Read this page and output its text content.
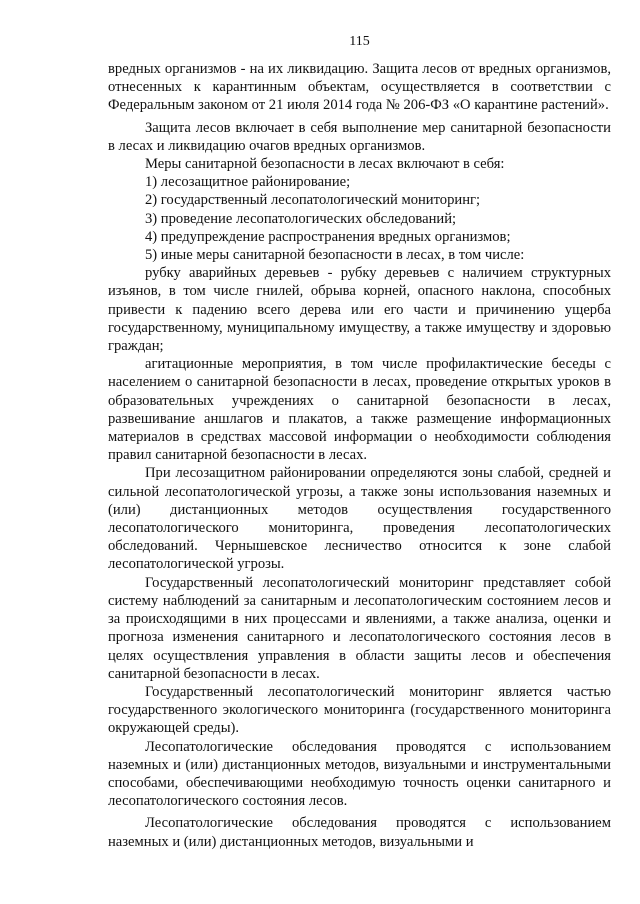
115

вредных организмов - на их ликвидацию. Защита лесов от вредных организмов, отнесенных к карантинным объектам, осуществляется в соответствии с Федеральным законом от 21 июля 2014 года № 206-ФЗ «О карантине растений».

Защита лесов включает в себя выполнение мер санитарной безопасности в лесах и ликвидацию очагов вредных организмов.

Меры санитарной безопасности в лесах включают в себя:

1) лесозащитное районирование;

2) государственный лесопатологический мониторинг;

3) проведение лесопатологических обследований;

4) предупреждение распространения вредных организмов;

5) иные меры санитарной безопасности в лесах, в том числе:

рубку аварийных деревьев - рубку деревьев с наличием структурных изъянов, в том числе гнилей, обрыва корней, опасного наклона, способных привести к падению всего дерева или его части и причинению ущерба государственному, муниципальному имуществу, а также имуществу и здоровью граждан;

агитационные мероприятия, в том числе профилактические беседы с населением о санитарной безопасности в лесах, проведение открытых уроков в образовательных учреждениях о санитарной безопасности в лесах, развешивание аншлагов и плакатов, а также размещение информационных материалов в средствах массовой информации о необходимости соблюдения правил санитарной безопасности в лесах.

При лесозащитном районировании определяются зоны слабой, средней и сильной лесопатологической угрозы, а также зоны использования наземных и (или) дистанционных методов осуществления государственного лесопатологического мониторинга, проведения лесопатологических обследований. Чернышевское лесничество относится к зоне слабой лесопатологической угрозы.

Государственный лесопатологический мониторинг представляет собой систему наблюдений за санитарным и лесопатологическим состоянием лесов и за происходящими в них процессами и явлениями, а также анализа, оценки и прогноза изменения санитарного и лесопатологического состояния лесов в целях осуществления управления в области защиты лесов и обеспечения санитарной безопасности в лесах.

Государственный лесопатологический мониторинг является частью государственного экологического мониторинга (государственного мониторинга окружающей среды).

Лесопатологические обследования проводятся с использованием наземных и (или) дистанционных методов, визуальными и инструментальными способами, обеспечивающими необходимую точность оценки санитарного и лесопатологического состояния лесов.

Лесопатологические обследования проводятся с использованием наземных и (или) дистанционных методов, визуальными и
